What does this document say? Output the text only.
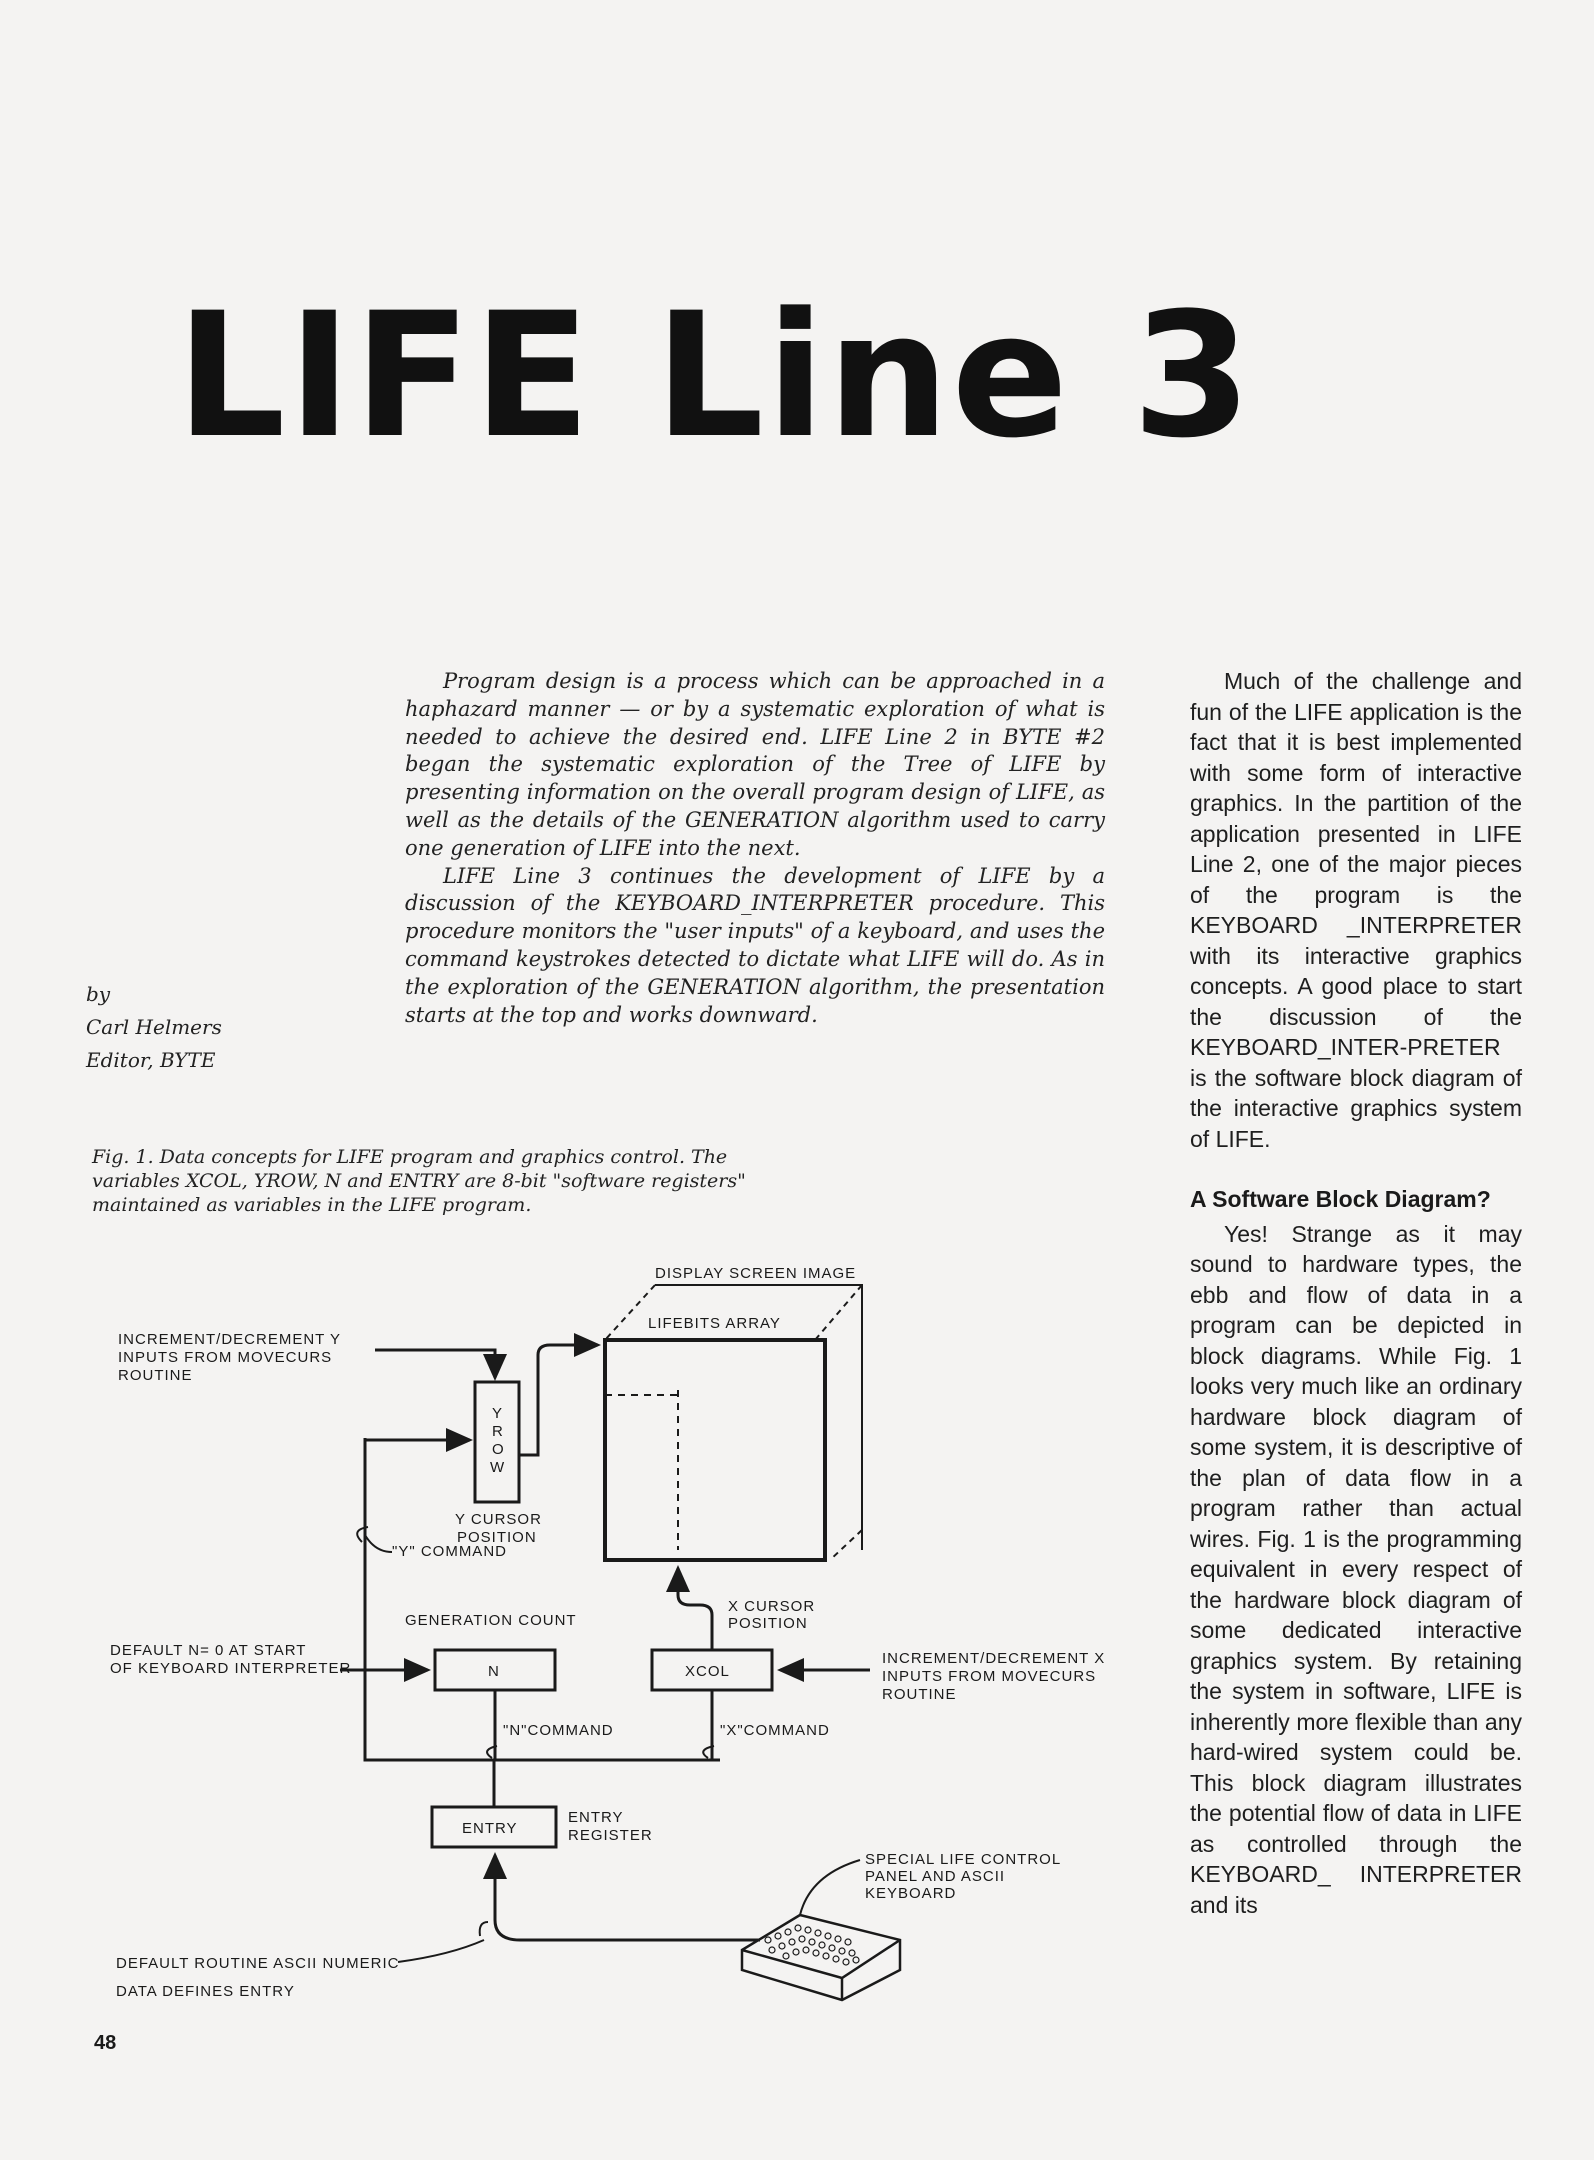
LIFE Line 3
by
Carl Helmers
Editor, BYTE

Program design is a process which can be approached in a haphazard manner — or by a systematic exploration of what is needed to achieve the desired end. LIFE Line 2 in BYTE #2 began the systematic exploration of the Tree of LIFE by presenting information on the overall program design of LIFE, as well as the details of the GENERATION algorithm used to carry one generation of LIFE into the next.

LIFE Line 3 continues the development of LIFE by a discussion of the KEYBOARD_INTERPRETER procedure. This procedure monitors the "user inputs" of a keyboard, and uses the command keystrokes detected to dictate what LIFE will do. As in the exploration of the GENERATION algorithm, the presentation starts at the top and works downward.

Much of the challenge and fun of the LIFE application is the fact that it is best implemented with some form of interactive graphics. In the partition of the application presented in LIFE Line 2, one of the major pieces of the program is the KEYBOARD _INTERPRETER with its interactive graphics concepts. A good place to start the discussion of the KEYBOARD_INTER-PRETER is the software block diagram of the interactive graphics system of LIFE.

A Software Block Diagram?

Yes! Strange as it may sound to hardware types, the ebb and flow of data in a program can be depicted in block diagrams. While Fig. 1 looks very much like an ordinary hardware block diagram of some system, it is descriptive of the plan of data flow in a program rather than actual wires. Fig. 1 is the programming equivalent in every respect of the hardware block diagram of some dedicated interactive graphics system. By retaining the system in software, LIFE is inherently more flexible than any hard-wired system could be. This block diagram illustrates the potential flow of data in LIFE as controlled through the KEYBOARD_ INTERPRETER and its

Fig. 1. Data concepts for LIFE program and graphics control. The variables XCOL, YROW, N and ENTRY are 8-bit "software registers" maintained as variables in the LIFE program.
DISPLAY SCREEN IMAGE
LIFEBITS ARRAY
INCREMENT/DECREMENT Y
INPUTS FROM MOVECURS
ROUTINE
Y
R
O
W
Y CURSOR
POSITION
"Y" COMMAND
GENERATION COUNT
X CURSOR
POSITION
DEFAULT N= 0 AT START
OF KEYBOARD INTERPRETER	N	XCOL
INCREMENT/DECREMENT X
INPUTS FROM MOVECURS
ROUTINE
"N"COMMAND	"X"COMMAND
ENTRY
ENTRY
REGISTER
SPECIAL LIFE CONTROL
PANEL AND ASCII
KEYBOARD
DEFAULT ROUTINE ASCII NUMERIC
DATA DEFINES ENTRY
48
